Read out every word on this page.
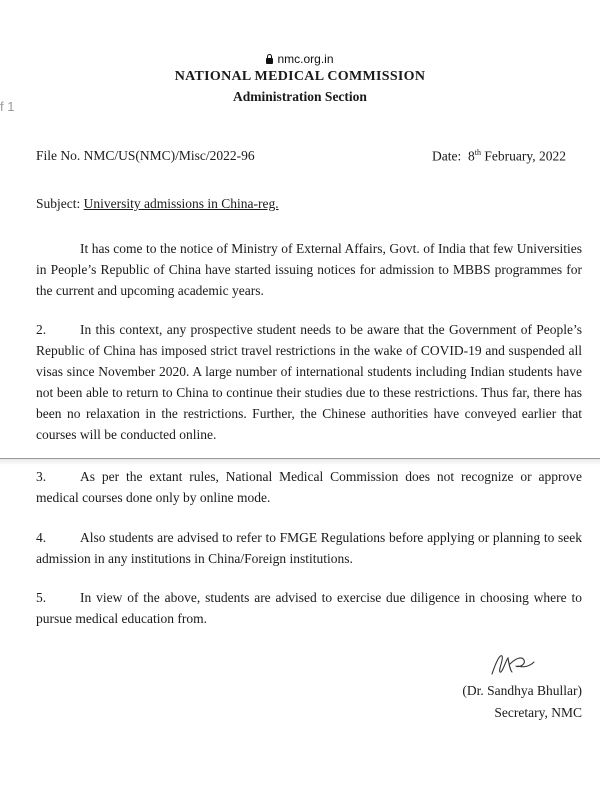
nmc.org.in
f 1
NATIONAL MEDICAL COMMISSION
Administration Section
File No. NMC/US(NMC)/Misc/2022-96	Date: 8th February, 2022
Subject: University admissions in China-reg.
It has come to the notice of Ministry of External Affairs, Govt. of India that few Universities in People’s Republic of China have started issuing notices for admission to MBBS programmes for the current and upcoming academic years.
2.	In this context, any prospective student needs to be aware that the Government of People’s Republic of China has imposed strict travel restrictions in the wake of COVID-19 and suspended all visas since November 2020. A large number of international students including Indian students have not been able to return to China to continue their studies due to these restrictions. Thus far, there has been no relaxation in the restrictions. Further, the Chinese authorities have conveyed earlier that courses will be conducted online.
3.	As per the extant rules, National Medical Commission does not recognize or approve medical courses done only by online mode.
4.	Also students are advised to refer to FMGE Regulations before applying or planning to seek admission in any institutions in China/Foreign institutions.
5.	In view of the above, students are advised to exercise due diligence in choosing where to pursue medical education from.
(Dr. Sandhya Bhullar)
Secretary, NMC
